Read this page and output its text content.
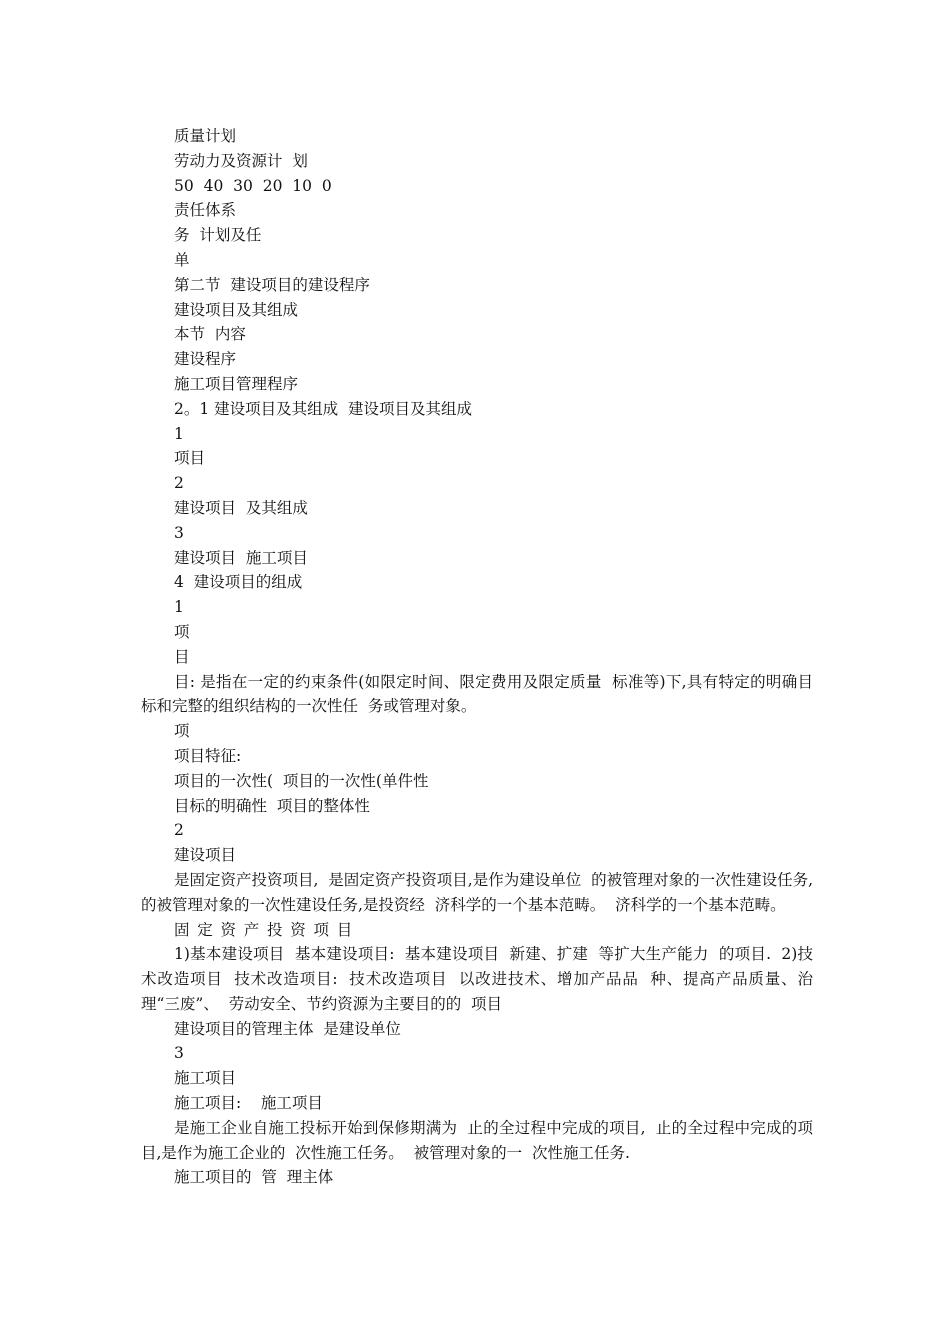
质量计划

劳动力及资源计  划

50  40  30  20  10  0

责任体系

务  计划及任

单

第二节  建设项目的建设程序

建设项目及其组成

本节  内容

建设程序

施工项目管理程序

2。1 建设项目及其组成  建设项目及其组成

1

项目

2

建设项目  及其组成

3

建设项目  施工项目

4  建设项目的组成

1

项

目

目: 是指在一定的约束条件(如限定时间、限定费用及限定质量  标准等)下,具有特定的明确目标和完整的组织结构的一次性任  务或管理对象。

项

项目特征:

项目的一次性(  项目的一次性(单件性

目标的明确性  项目的整体性

2

建设项目

是固定资产投资项目,  是固定资产投资项目,是作为建设单位  的被管理对象的一次性建设任务,  的被管理对象的一次性建设任务,是投资经  济科学的一个基本范畴。  济科学的一个基本范畴。

固定资产投资项目

1)基本建设项目  基本建设项目:  基本建设项目  新建、扩建  等扩大生产能力  的项目.  2)技术改造项目  技术改造项目:  技术改造项目  以改进技术、增加产品品  种、提高产品质量、治理“三废”、  劳动安全、节约资源为主要目的的  项目

建设项目的管理主体  是建设单位

3

施工项目

施工项目:    施工项目

是施工企业自施工投标开始到保修期满为  止的全过程中完成的项目,  止的全过程中完成的项目,是作为施工企业的  次性施工任务。  被管理对象的一  次性施工任务.

施工项目的  管  理主体
